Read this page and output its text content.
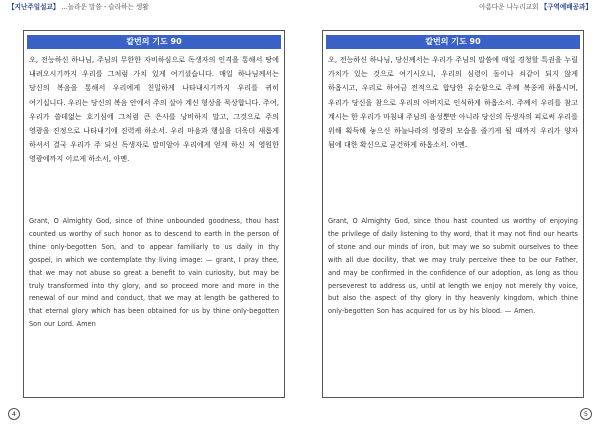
【지난주일설교】 ...놀라운 말씀 - 슬라하는 생활	아름다운 나누리교회 【구역예배공과】
칼번의 기도 90
오, 전능하신 하나님, 주님의 무한한 자비하심으로 독생자의 인격을 통해서 땅에 내려오시기까지 우리를 그처럼 가치 있게 여기셨습니다. 매일 하나님께서는 당신의 복음을 통해서 우리에게 친밀하게 나타내시기까지 우리를 귀히 여기십니다. 우리는 당신의 복음 안에서 주의 살아 계신 형상을 묵상합니다. 주여, 우리가 쓸데없는 호기심에 그처럼 큰 은사를 낭비하지 말고, 그것으로 주의 영광을 진정으로 나타내기에 진력케 하소서. 우리 마음과 행실을 더욱더 새롭게 하셔서 결국 우리가 주 되신 독생자로 말미암아 우리에게 얻게 하신 저 영원한 영광에까지 이르게 하소서, 아멘.
Grant, O Almighty God, since of thine unbounded goodness, thou hast counted us worthy of such honor as to descend to earth in the person of thine only-begotten Son, and to appear familiarly to us daily in thy gospel, in which we contemplate thy living image: — grant, I pray thee, that we may not abuse so great a benefit to vain curiosity, but may be truly transformed into thy glory, and so proceed more and more in the renewal of our mind and conduct, that we may at length be gathered to that eternal glory which has been obtained for us by thine only-begotten Son our Lord. Amen
칼번의 기도 90
오, 전능하신 하나님, 당신께서는 우리가 주님의 말씀에 매일 경청할 특권을 누릴 가치가 있는 것으로 여기시오니, 우리의 심령이 돌이나 쇠같이 되지 않게 하옵시고, 우리로 하여금 전적으로 합당한 유순함으로 주께 복종케 하옵시며, 우리가 당신을 참으로 우리의 아버지로 인식하게 하옵소서. 주께서 우리를 참고 계시는 한 우리가 마침내 주님의 음성뿐만 아니라 당신의 독생자의 피로써 우리를 위해 획득해 놓으신 하늘나라의 영광의 모습을 즐기게 될 때까지 우리가 양자 됨에 대한 확신으로 굳건하게 하옵소서. 아멘.
Grant, O Almighty God, since thou hast counted us worthy of enjoying the privilege of daily listening to thy word, that it may not find our hearts of stone and our minds of iron, but may we so submit ourselves to thee with all due docility, that we may truly perceive thee to be our Father, and may be confirmed in the confidence of our adoption, as long as thou perseverest to address us, until at length we enjoy not merely thy voice, but also the aspect of thy glory in thy heavenly kingdom, which thine only-begotten Son has acquired for us by his blood. — Amen.
4	5
